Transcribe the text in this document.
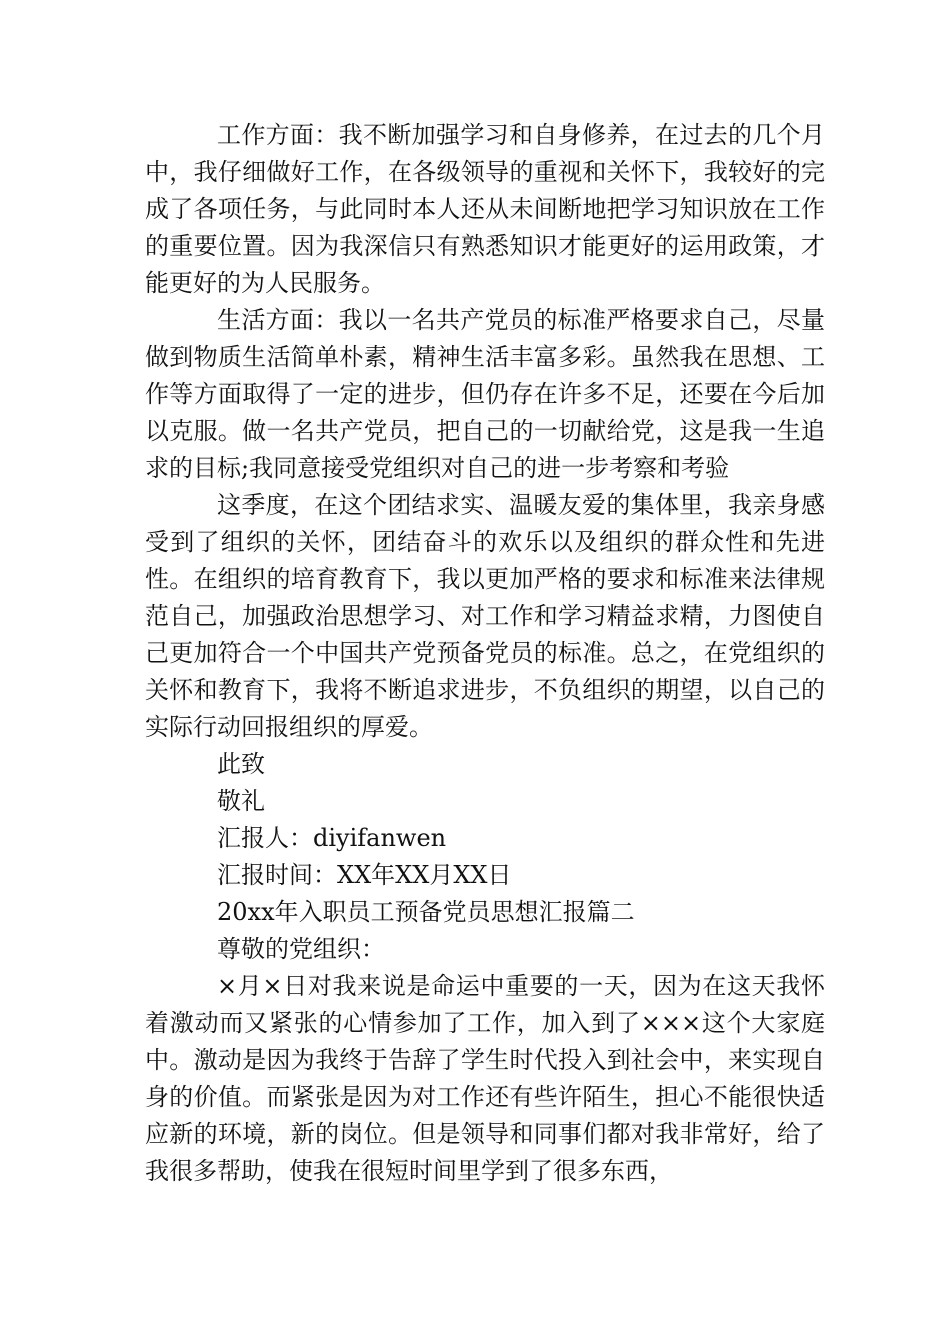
工作方面：我不断加强学习和自身修养，在过去的几个月中，我仔细做好工作，在各级领导的重视和关怀下，我较好的完成了各项任务，与此同时本人还从未间断地把学习知识放在工作的重要位置。因为我深信只有熟悉知识才能更好的运用政策，才能更好的为人民服务。

生活方面：我以一名共产党员的标准严格要求自己，尽量做到物质生活简单朴素，精神生活丰富多彩。虽然我在思想、工作等方面取得了一定的进步，但仍存在许多不足，还要在今后加以克服。做一名共产党员，把自己的一切献给党，这是我一生追求的目标;我同意接受党组织对自己的进一步考察和考验

这季度，在这个团结求实、温暖友爱的集体里，我亲身感受到了组织的关怀，团结奋斗的欢乐以及组织的群众性和先进性。在组织的培育教育下，我以更加严格的要求和标准来法律规范自己，加强政治思想学习、对工作和学习精益求精，力图使自己更加符合一个中国共产党预备党员的标准。总之，在党组织的关怀和教育下，我将不断追求进步，不负组织的期望，以自己的实际行动回报组织的厚爱。

此致

敬礼

汇报人：diyifanwen

汇报时间：XX年XX月XX日

20xx年入职员工预备党员思想汇报篇二

尊敬的党组织：

×月×日对我来说是命运中重要的一天，因为在这天我怀着激动而又紧张的心情参加了工作，加入到了×××这个大家庭中。激动是因为我终于告辞了学生时代投入到社会中，来实现自身的价值。而紧张是因为对工作还有些许陌生，担心不能很快适应新的环境，新的岗位。但是领导和同事们都对我非常好，给了我很多帮助，使我在很短时间里学到了很多东西，
